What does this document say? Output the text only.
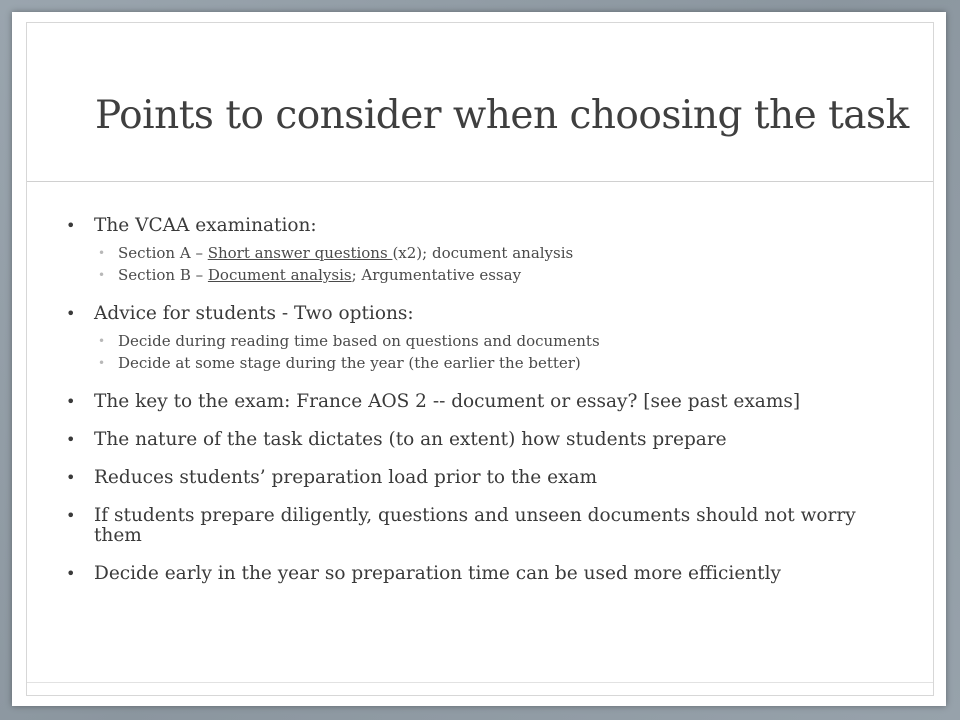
Points to consider when choosing the task
• The VCAA examination:
• Section A – Short answer questions (x2); document analysis
• Section B – Document analysis; Argumentative essay
• Advice for students - Two options:
• Decide during reading time based on questions and documents
• Decide at some stage during the year (the earlier the better)
• The key to the exam: France AOS 2 -- document or essay? [see past exams]
• The nature of the task dictates (to an extent) how students prepare
• Reduces students’ preparation load prior to the exam
• If students prepare diligently, questions and unseen documents should not worry them
• Decide early in the year so preparation time can be used more efficiently
